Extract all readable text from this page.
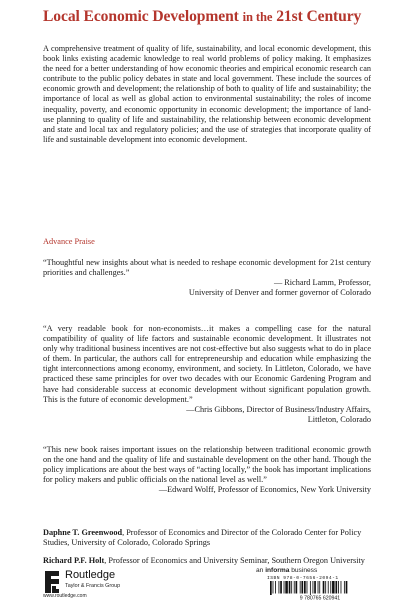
Local Economic Development in the 21st Century
A comprehensive treatment of quality of life, sustainability, and local economic development, this book links existing academic knowledge to real world problems of policy making. It emphasizes the need for a better understanding of how economic theories and empirical economic research can contribute to the public policy debates in state and local government. These include the sources of economic growth and development; the relationship of both to quality of life and sustainability; the importance of local as well as global action to environmental sustainability; the roles of income inequality, poverty, and economic opportunity in economic development; the importance of land-use planning to quality of life and sustainability, the relationship between economic development and state and local tax and regulatory policies; and the use of strategies that incorporate quality of life and sustainable development into economic development.
Advance Praise
“Thoughtful new insights about what is needed to reshape economic development for 21st century priorities and challenges.”
— Richard Lamm, Professor,
University of Denver and former governor of Colorado
“A very readable book for non-economists…it makes a compelling case for the natural compatibility of quality of life factors and sustainable economic development. It illustrates not only why traditional business incentives are not cost-effective but also suggests what to do in place of them. In particular, the authors call for entrepreneurship and education while emphasizing the tight interconnections among economy, environment, and society. In Littleton, Colorado, we have practiced these same principles for over two decades with our Economic Gardening Program and have had considerable success at economic development without significant population growth. This is the future of economic development.”
—Chris Gibbons, Director of Business/Industry Affairs,
Littleton, Colorado
“This new book raises important issues on the relationship between traditional economic growth on the one hand and the quality of life and sustainable development on the other hand. Though the policy implications are about the best ways of “acting locally,” the book has important implications for policy makers and public officials on the national level as well.”
—Edward Wolff, Professor of Economics, New York University
Daphne T. Greenwood, Professor of Economics and Director of the Colorado Center for Policy Studies, University of Colorado, Colorado Springs
Richard P.F. Holt, Professor of Economics and University Seminar, Southern Oregon University
an informa business
ISBN 978-0-7656-2094-1
9 780765 620941
Routledge
Taylor & Francis Group
www.routledge.com
